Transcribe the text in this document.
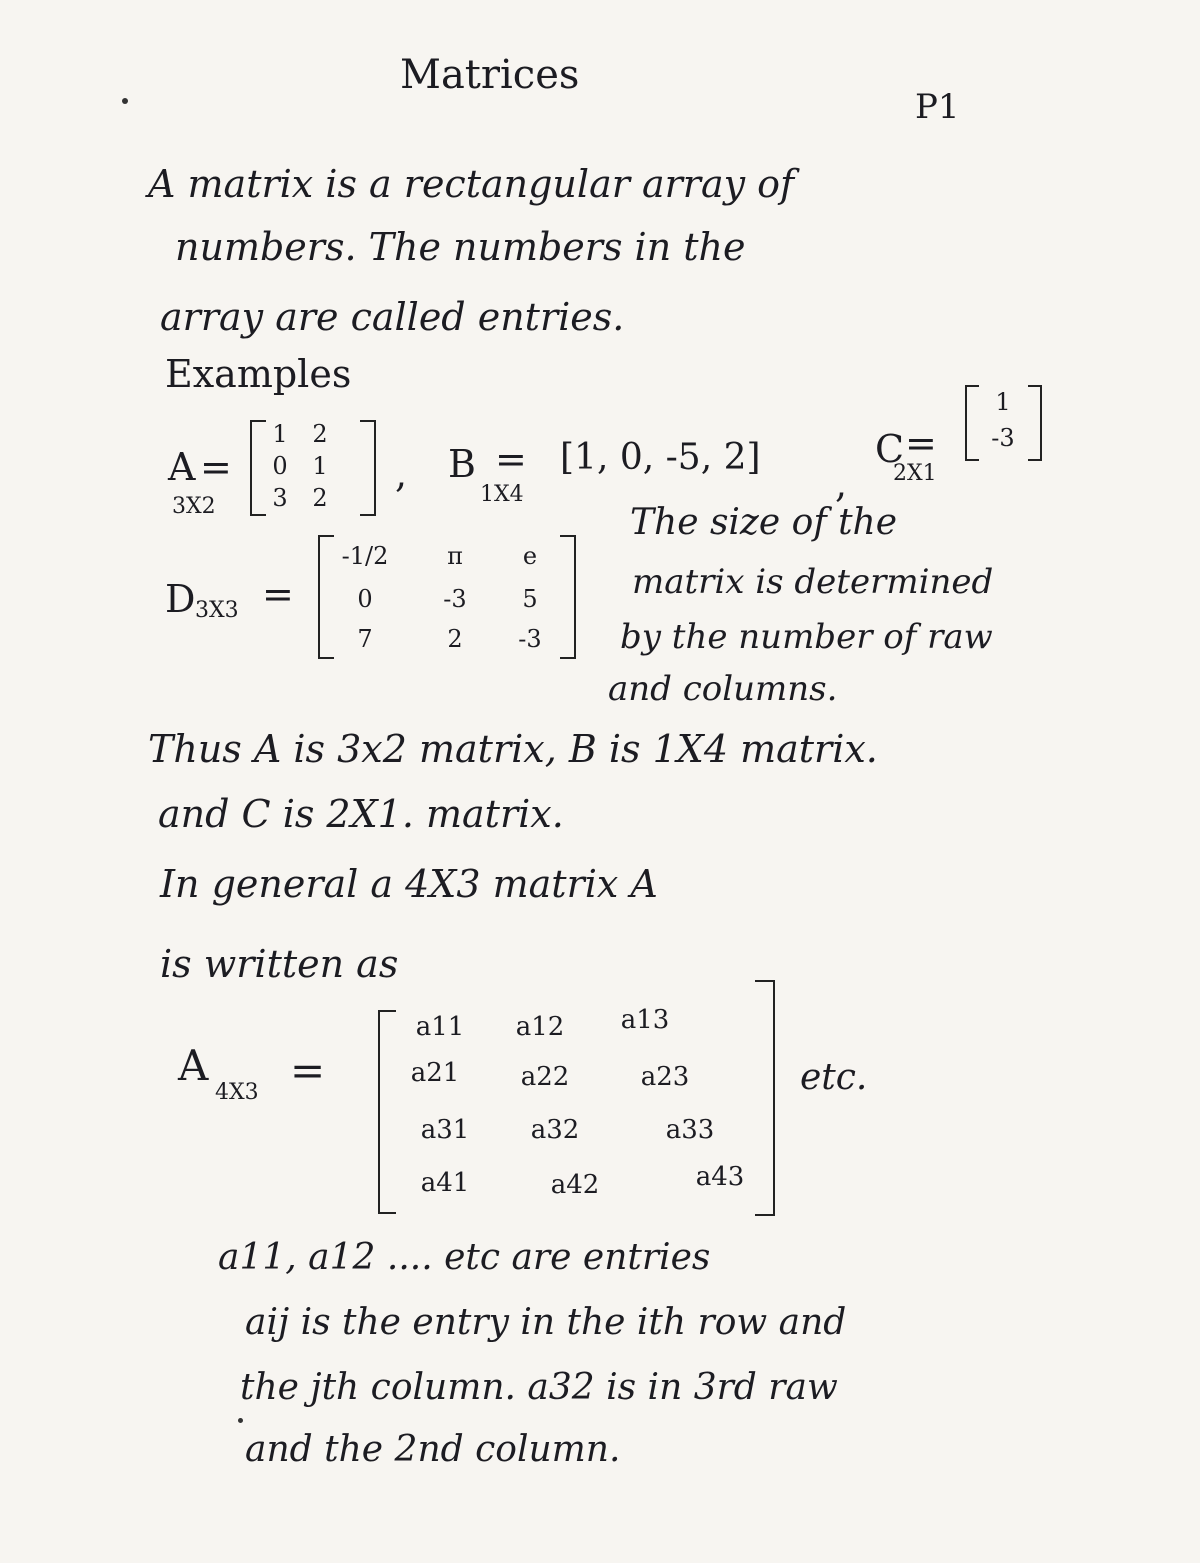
Matrices
P1
A matrix is a rectangular array of
numbers. The numbers in the
array are called entries.
Examples
A =
3X2
1	2
0	1
3	2
, B =
1X4
[1, 0, -5, 2]
,
C =
2X1
1
-3
D 3X3 =
-1/2	π	e
0	-3	5
7	2	-3
The size of the
matrix is determined
by the number of raw
and columns.
Thus A is 3x2 matrix, B is 1X4 matrix.
and C is 2X1. matrix.
In general a 4X3 matrix A
is written as
A
4X3 =
a11	a12	a13
a21	a22	a23
a31	a32	a33
a41	a42	a43
etc.
a11, a12 .... etc are entries
aij is the entry in the ith row and
the jth column. a32 is in 3rd raw
and the 2nd column.
